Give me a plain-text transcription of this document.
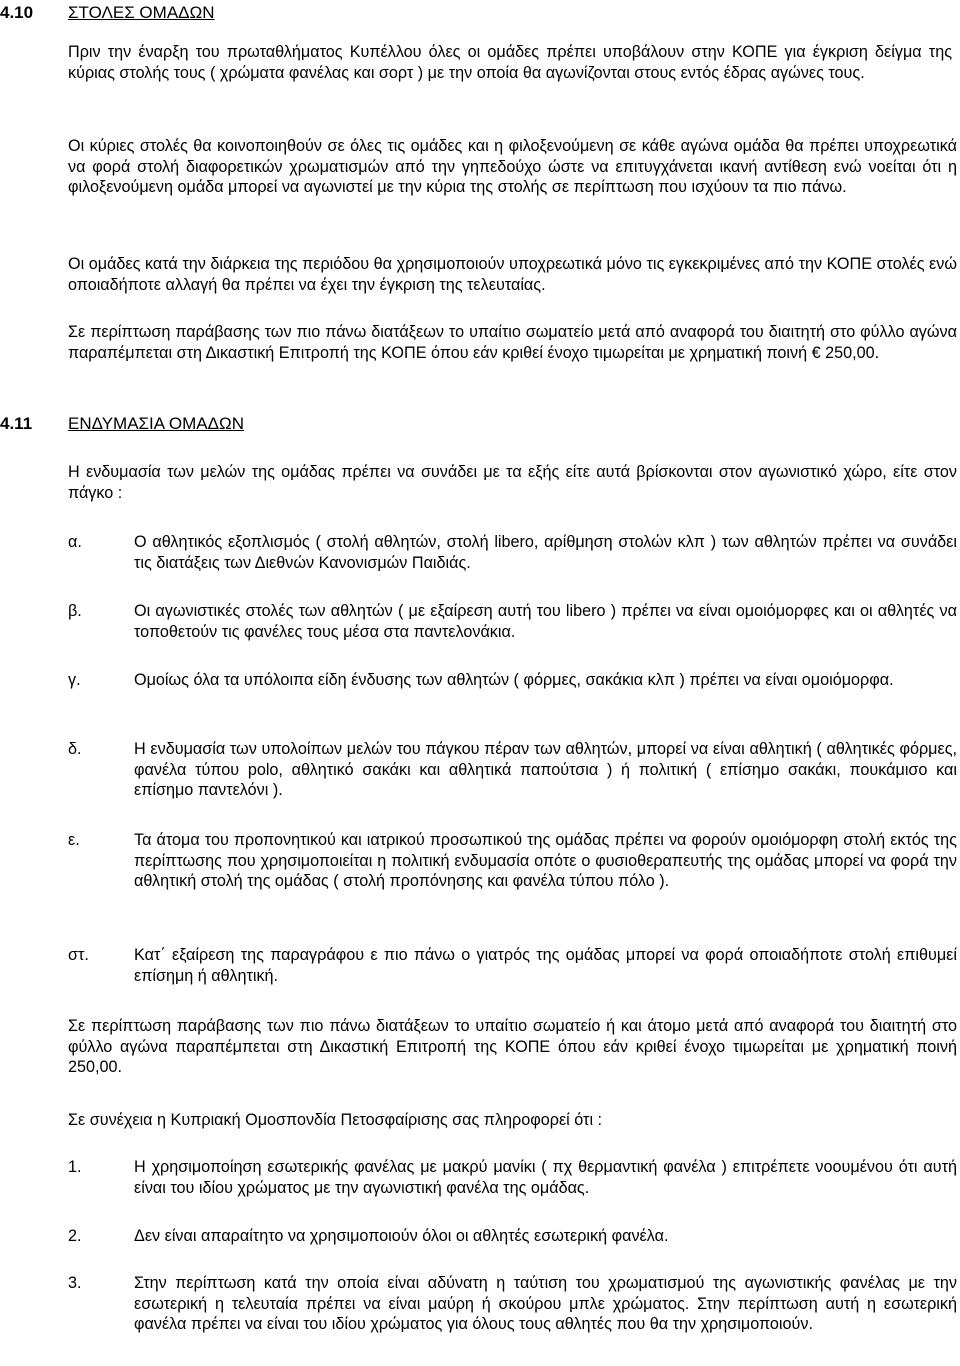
4.10 ΣΤΟΛΕΣ ΟΜΑΔΩΝ
Πριν την έναρξη του πρωταθλήματος Κυπέλλου όλες οι ομάδες πρέπει υποβάλουν στην ΚΟΠΕ για έγκριση δείγμα της κύριας στολής τους ( χρώματα φανέλας και σορτ ) με την οποία θα αγωνίζονται στους εντός έδρας αγώνες τους.
Οι κύριες στολές θα κοινοποιηθούν σε όλες τις ομάδες και η φιλοξενούμενη σε κάθε αγώνα ομάδα θα πρέπει υποχρεωτικά να φορά στολή διαφορετικών χρωματισμών από την γηπεδούχο ώστε να επιτυγχάνεται ικανή αντίθεση ενώ νοείται ότι η φιλοξενούμενη ομάδα μπορεί να αγωνιστεί με την κύρια της στολής σε περίπτωση που ισχύουν τα πιο πάνω.
Οι ομάδες κατά την διάρκεια της περιόδου θα χρησιμοποιούν υποχρεωτικά μόνο τις εγκεκριμένες από την ΚΟΠΕ στολές ενώ οποιαδήποτε αλλαγή θα πρέπει να έχει την έγκριση της τελευταίας.
Σε περίπτωση παράβασης των πιο πάνω διατάξεων το υπαίτιο σωματείο μετά από αναφορά του διαιτητή στο φύλλο αγώνα παραπέμπεται στη Δικαστική Επιτροπή της ΚΟΠΕ όπου εάν κριθεί ένοχο τιμωρείται με χρηματική ποινή € 250,00.
4.11 ΕΝΔΥΜΑΣΙΑ ΟΜΑΔΩΝ
Η ενδυμασία των μελών της ομάδας πρέπει να συνάδει με τα εξής είτε αυτά βρίσκονται στον αγωνιστικό χώρο, είτε στον πάγκο :
α.	Ο αθλητικός εξοπλισμός ( στολή αθλητών, στολή libero, αρίθμηση στολών κλπ ) των αθλητών πρέπει να συνάδει τις διατάξεις των Διεθνών Κανονισμών Παιδιάς.
β.	Οι αγωνιστικές στολές των αθλητών ( με εξαίρεση αυτή του libero ) πρέπει να είναι ομοιόμορφες και οι αθλητές να τοποθετούν τις φανέλες τους μέσα στα παντελονάκια.
γ.	Ομοίως όλα τα υπόλοιπα είδη ένδυσης των αθλητών ( φόρμες, σακάκια κλπ ) πρέπει να είναι ομοιόμορφα.
δ.	Η ενδυμασία των υπολοίπων μελών του πάγκου πέραν των αθλητών, μπορεί να είναι αθλητική ( αθλητικές φόρμες, φανέλα τύπου polo, αθλητικό σακάκι και αθλητικά παπούτσια ) ή πολιτική ( επίσημο σακάκι, πουκάμισο και επίσημο παντελόνι ).
ε.	Τα άτομα του προπονητικού και ιατρικού προσωπικού της ομάδας πρέπει να φορούν ομοιόμορφη στολή εκτός της περίπτωσης που χρησιμοποιείται η πολιτική ενδυμασία οπότε ο φυσιοθεραπευτής της ομάδας μπορεί να φορά την αθλητική στολή της ομάδας ( στολή προπόνησης και φανέλα τύπου πόλο ).
στ.	Κατ΄ εξαίρεση της παραγράφου ε πιο πάνω ο γιατρός της ομάδας μπορεί να φορά οποιαδήποτε στολή επιθυμεί επίσημη ή αθλητική.
Σε περίπτωση παράβασης των πιο πάνω διατάξεων το υπαίτιο σωματείο ή και άτομο μετά από αναφορά του διαιτητή στο φύλλο αγώνα παραπέμπεται στη Δικαστική Επιτροπή της ΚΟΠΕ όπου εάν κριθεί ένοχο τιμωρείται με χρηματική ποινή 250,00.
Σε συνέχεια η Κυπριακή Ομοσπονδία Πετοσφαίρισης σας πληροφορεί ότι :
1.	Η χρησιμοποίηση εσωτερικής φανέλας με μακρύ μανίκι ( πχ θερμαντική φανέλα ) επιτρέπετε νοουμένου ότι αυτή είναι του ιδίου χρώματος με την αγωνιστική φανέλα της ομάδας.
2.	Δεν είναι απαραίτητο να χρησιμοποιούν όλοι οι αθλητές εσωτερική φανέλα.
3.	Στην περίπτωση κατά την οποία είναι αδύνατη η ταύτιση του χρωματισμού της αγωνιστικής φανέλας με την εσωτερική η τελευταία πρέπει να είναι μαύρη ή σκούρου μπλε χρώματος. Στην περίπτωση αυτή η εσωτερική φανέλα πρέπει να είναι του ιδίου χρώματος για όλους τους αθλητές που θα την χρησιμοποιούν.
